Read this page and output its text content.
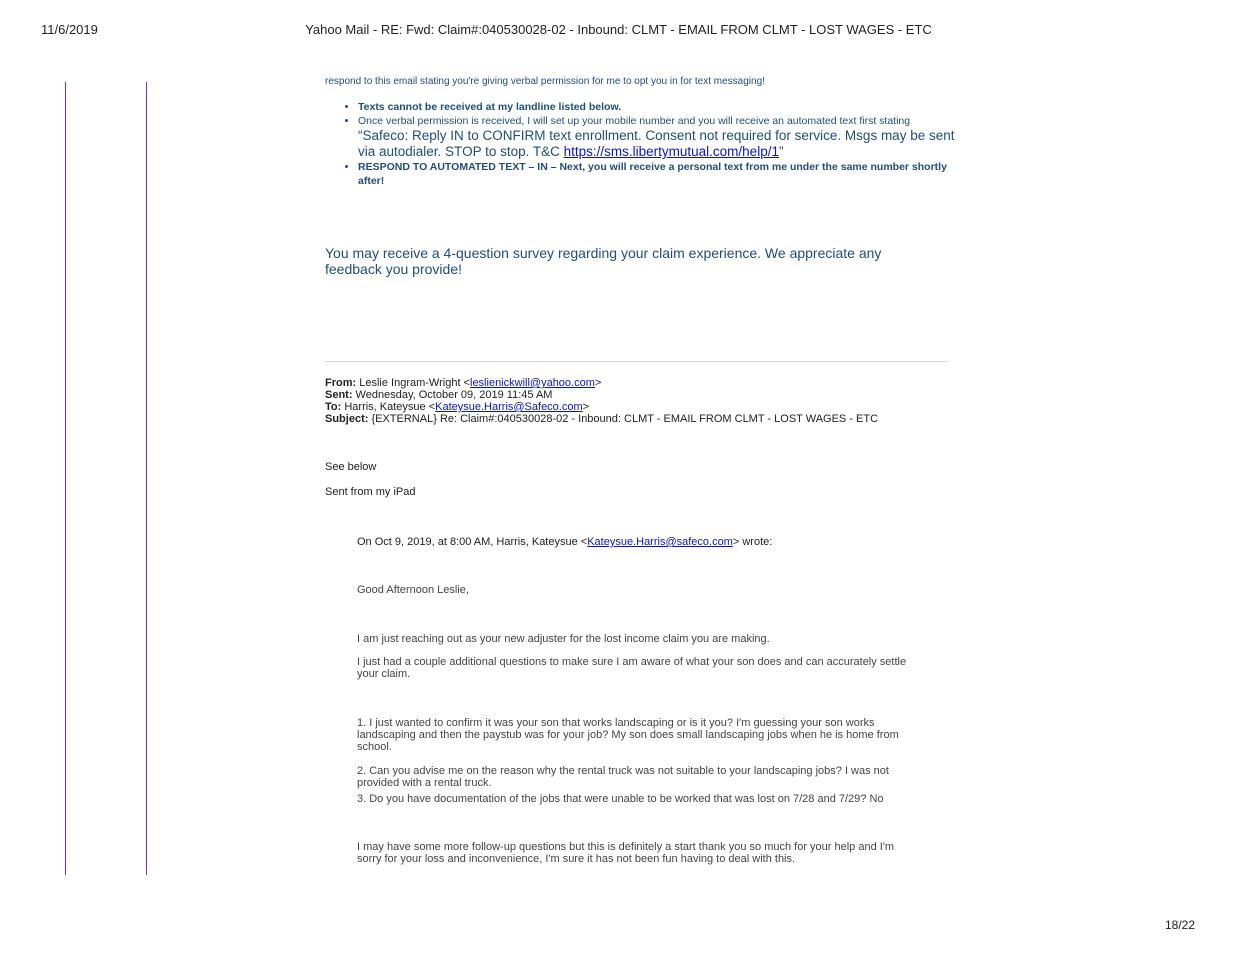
11/6/2019	Yahoo Mail - RE: Fwd: Claim#:040530028-02 - Inbound: CLMT - EMAIL FROM CLMT - LOST WAGES - ETC
respond to this email stating you're giving verbal permission for me to opt you in for text messaging!
• Texts cannot be received at my landline listed below.
• Once verbal permission is received, I will set up your mobile number and you will receive an automated text first stating
“Safeco: Reply IN to CONFIRM text enrollment. Consent not required for service. Msgs may be sent via autodialer. STOP to stop. T&C https://sms.libertymutual.com/help/1”
• RESPOND TO AUTOMATED TEXT – IN – Next, you will receive a personal text from me under the same number shortly after!
You may receive a 4-question survey regarding your claim experience. We appreciate any feedback you provide!
From: Leslie Ingram-Wright <leslienickwill@yahoo.com>
Sent: Wednesday, October 09, 2019 11:45 AM
To: Harris, Kateysue <Kateysue.Harris@Safeco.com>
Subject: {EXTERNAL} Re: Claim#:040530028-02 - Inbound: CLMT - EMAIL FROM CLMT - LOST WAGES - ETC
See below
Sent from my iPad
On Oct 9, 2019, at 8:00 AM, Harris, Kateysue <Kateysue.Harris@safeco.com> wrote:
Good Afternoon Leslie,
I am just reaching out as your new adjuster for the lost income claim you are making.
I just had a couple additional questions to make sure I am aware of what your son does and can accurately settle your claim.
1. I just wanted to confirm it was your son that works landscaping or is it you? I'm guessing your son works landscaping and then the paystub was for your job? My son does small landscaping jobs when he is home from school.
2. Can you advise me on the reason why the rental truck was not suitable to your landscaping jobs? I was not provided with a rental truck.
3. Do you have documentation of the jobs that were unable to be worked that was lost on 7/28 and 7/29? No
I may have some more follow-up questions but this is definitely a start thank you so much for your help and I'm sorry for your loss and inconvenience, I'm sure it has not been fun having to deal with this.
18/22
